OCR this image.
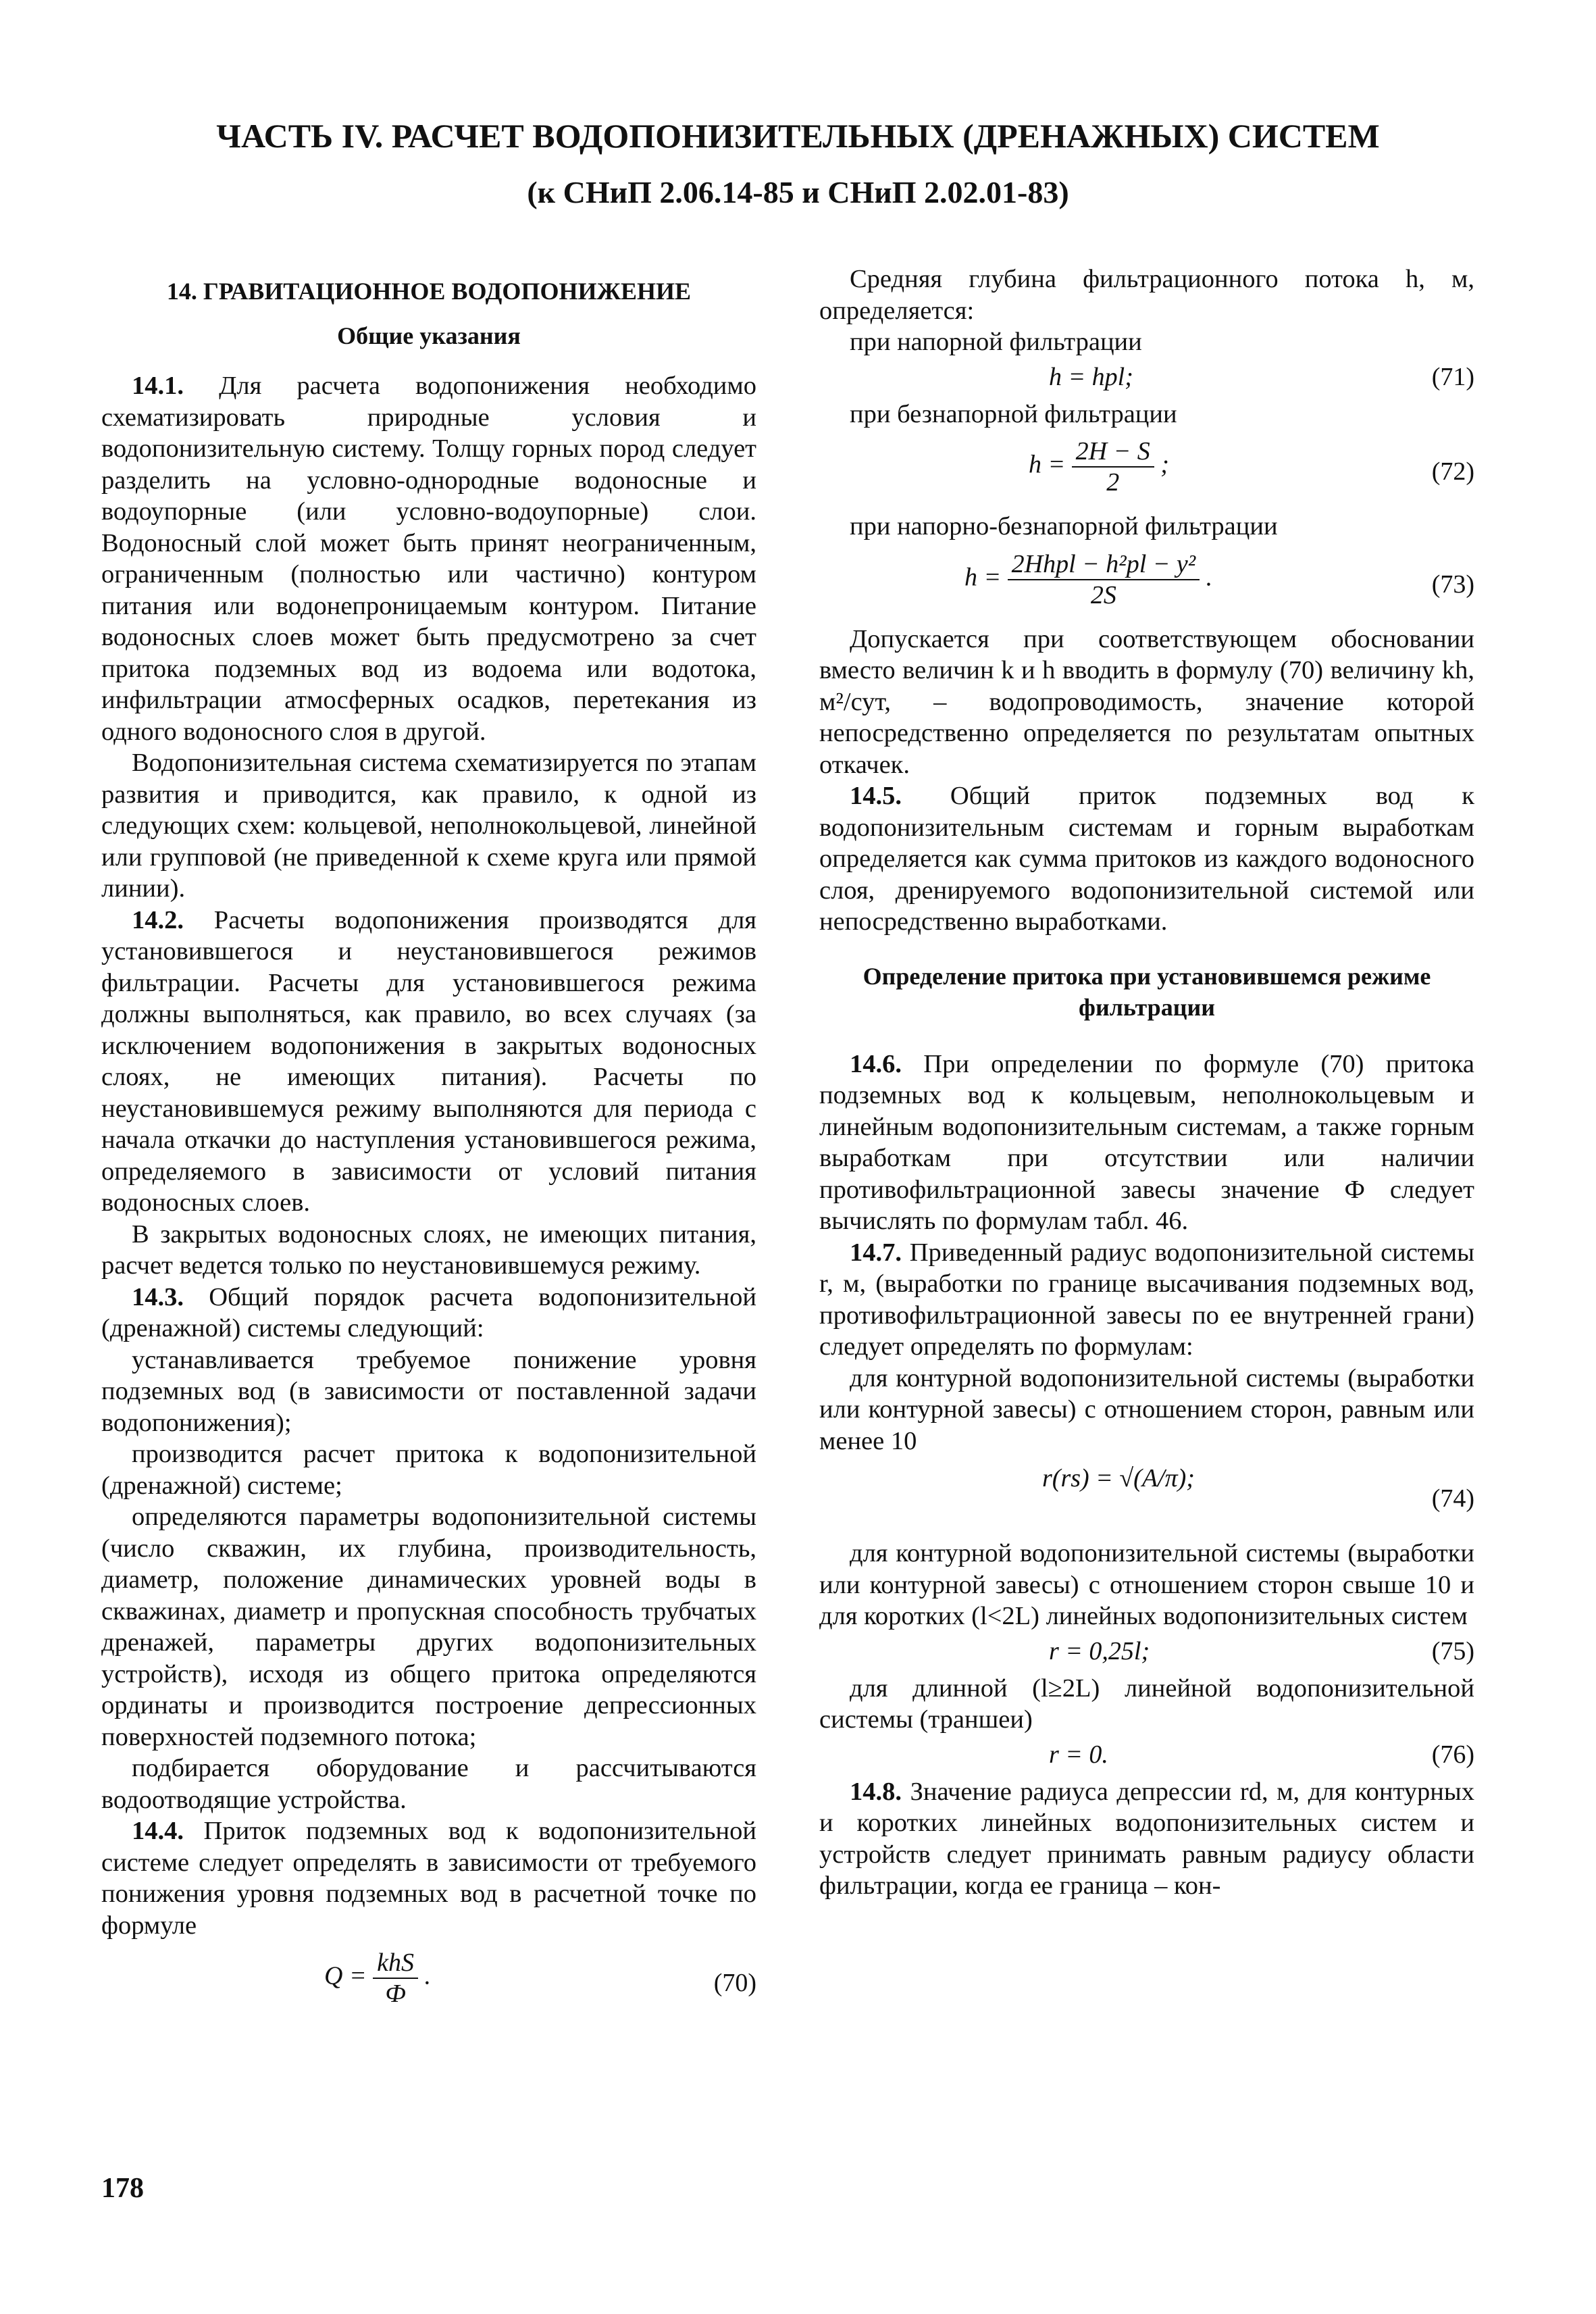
ЧАСТЬ IV. РАСЧЕТ ВОДОПОНИЗИТЕЛЬНЫХ (ДРЕНАЖНЫХ) СИСТЕМ
(к СНиП 2.06.14-85 и СНиП 2.02.01-83)
14. ГРАВИТАЦИОННОЕ ВОДОПОНИЖЕНИЕ
Общие указания

14.1. Для расчета водопонижения необходимо схематизировать природные условия и водопонизительную систему. Толщу горных пород следует разделить на условно-однородные водоносные и водоупорные (или условно-водоупорные) слои. Водоносный слой может быть принят неограниченным, ограниченным (полностью или частично) контуром питания или водонепроницаемым контуром. Питание водоносных слоев может быть предусмотрено за счет притока подземных вод из водоема или водотока, инфильтрации атмосферных осадков, перетекания из одного водоносного слоя в другой.

Водопонизительная система схематизируется по этапам развития и приводится, как правило, к одной из следующих схем: кольцевой, неполнокольцевой, линейной или групповой (не приведенной к схеме круга или прямой линии).

14.2. Расчеты водопонижения производятся для установившегося и неустановившегося режимов фильтрации. Расчеты для установившегося режима должны выполняться, как правило, во всех случаях (за исключением водопонижения в закрытых водоносных слоях, не имеющих питания). Расчеты по неустановившемуся режиму выполняются для периода с начала откачки до наступления установившегося режима, определяемого в зависимости от условий питания водоносных слоев.

В закрытых водоносных слоях, не имеющих питания, расчет ведется только по неустановившемуся режиму.

14.3. Общий порядок расчета водопонизительной (дренажной) системы следующий:

устанавливается требуемое понижение уровня подземных вод (в зависимости от поставленной задачи водопонижения);

производится расчет притока к водопонизительной (дренажной) системе;

определяются параметры водопонизительной системы (число скважин, их глубина, производительность, диаметр, положение динамических уровней воды в скважинах, диаметр и пропускная способность трубчатых дренажей, параметры других водопонизительных устройств), исходя из общего притока определяются ординаты и производится построение депрессионных поверхностей подземного потока;

подбирается оборудование и рассчитываются водоотводящие устройства.

14.4. Приток подземных вод к водопонизительной системе следует определять в зависимости от требуемого понижения уровня подземных вод в расчетной точке по формуле

$Q = \frac{\text{khS}}{Ф}$ .	(70)

Средняя глубина фильтрационного потока h, м, определяется:

при напорной фильтрации

h = hpl;	(71)

при безнапорной фильтрации

$h = \frac{2H - S}{2}$ ;	(72)

при напорно-безнапорной фильтрации

$h = \frac{\text{2Hhpl − h²pl − y²}}{2S}$ .	(73)

Допускается при соответствующем обосновании вместо величин k и h вводить в формулу (70) величину kh, м²/сут, – водопроводимость, значение которой непосредственно определяется по результатам опытных откачек.

14.5. Общий приток подземных вод к водопонизительным системам и горным выработкам определяется как сумма притоков из каждого водоносного слоя, дренируемого водопонизительной системой или непосредственно выработками.

Определение притока при установившемся режиме фильтрации

14.6. При определении по формуле (70) притока подземных вод к кольцевым, неполнокольцевым и линейным водопонизительным системам, а также горным выработкам при отсутствии или наличии противофильтрационной завесы значение Ф следует вычислять по формулам табл. 46.

14.7. Приведенный радиус водопонизительной системы r, м, (выработки по границе высачивания подземных вод, противофильтрационной завесы по ее внутренней грани) следует определять по формулам:

для контурной водопонизительной системы (выработки или контурной завесы) с отношением сторон, равным или менее 10

r(rs) = √(A/π);
(74)

для контурной водопонизительной системы (выработки или контурной завесы) с отношением сторон свыше 10 и для коротких (l<2L) линейных водопонизительных систем

r = 0,25l;	(75)

для длинной (l≥2L) линейной водопонизительной системы (траншеи)

r = 0.	(76)

14.8. Значение радиуса депрессии rd, м, для контурных и коротких линейных водопонизительных систем и устройств следует принимать равным радиусу области фильтрации, когда ее граница – кон-

178
